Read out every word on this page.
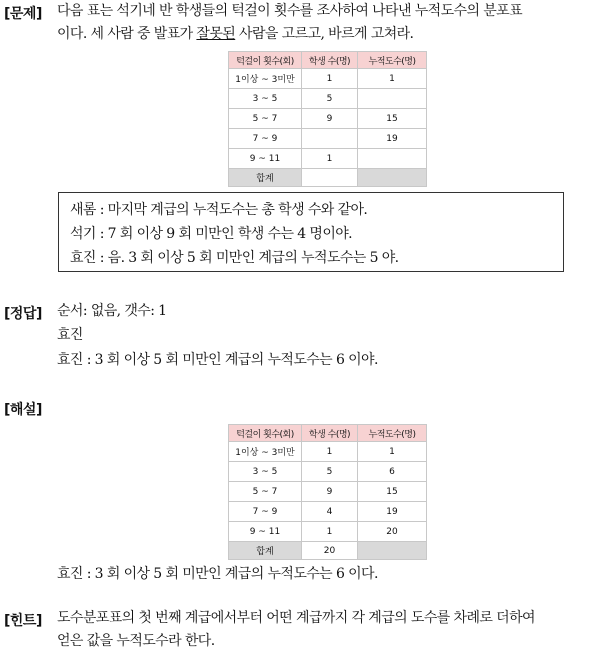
[문제] 다음 표는 석기네 반 학생들의 턱걸이 횟수를 조사하여 나타낸 누적도수의 분포표
이다. 세 사람 중 발표가 잘못된 사람을 고르고, 바르게 고쳐라.
턱걸이 횟수(회)	학생 수(명)	누적도수(명)
1이상 ~ 3미만	1	1
3 ~ 5	5	
5 ~ 7	9	15
7 ~ 9		19
9 ~ 11	1	
합계		
새롬 : 마지막 계급의 누적도수는 총 학생 수와 같아.
석기 : 7 회 이상 9 회 미만인 학생 수는 4 명이야.
효진 : 음. 3 회 이상 5 회 미만인 계급의 누적도수는 5 야.
[정답] 순서: 없음, 갯수: 1
효진
효진 : 3 회 이상 5 회 미만인 계급의 누적도수는 6 이야.
[해설]
턱걸이 횟수(회)	학생 수(명)	누적도수(명)
1이상 ~ 3미만	1	1
3 ~ 5	5	6
5 ~ 7	9	15
7 ~ 9	4	19
9 ~ 11	1	20
합계	20	
효진 : 3 회 이상 5 회 미만인 계급의 누적도수는 6 이다.
[힌트] 도수분포표의 첫 번째 계급에서부터 어떤 계급까지 각 계급의 도수를 차례로 더하여
얻은 값을 누적도수라 한다.
